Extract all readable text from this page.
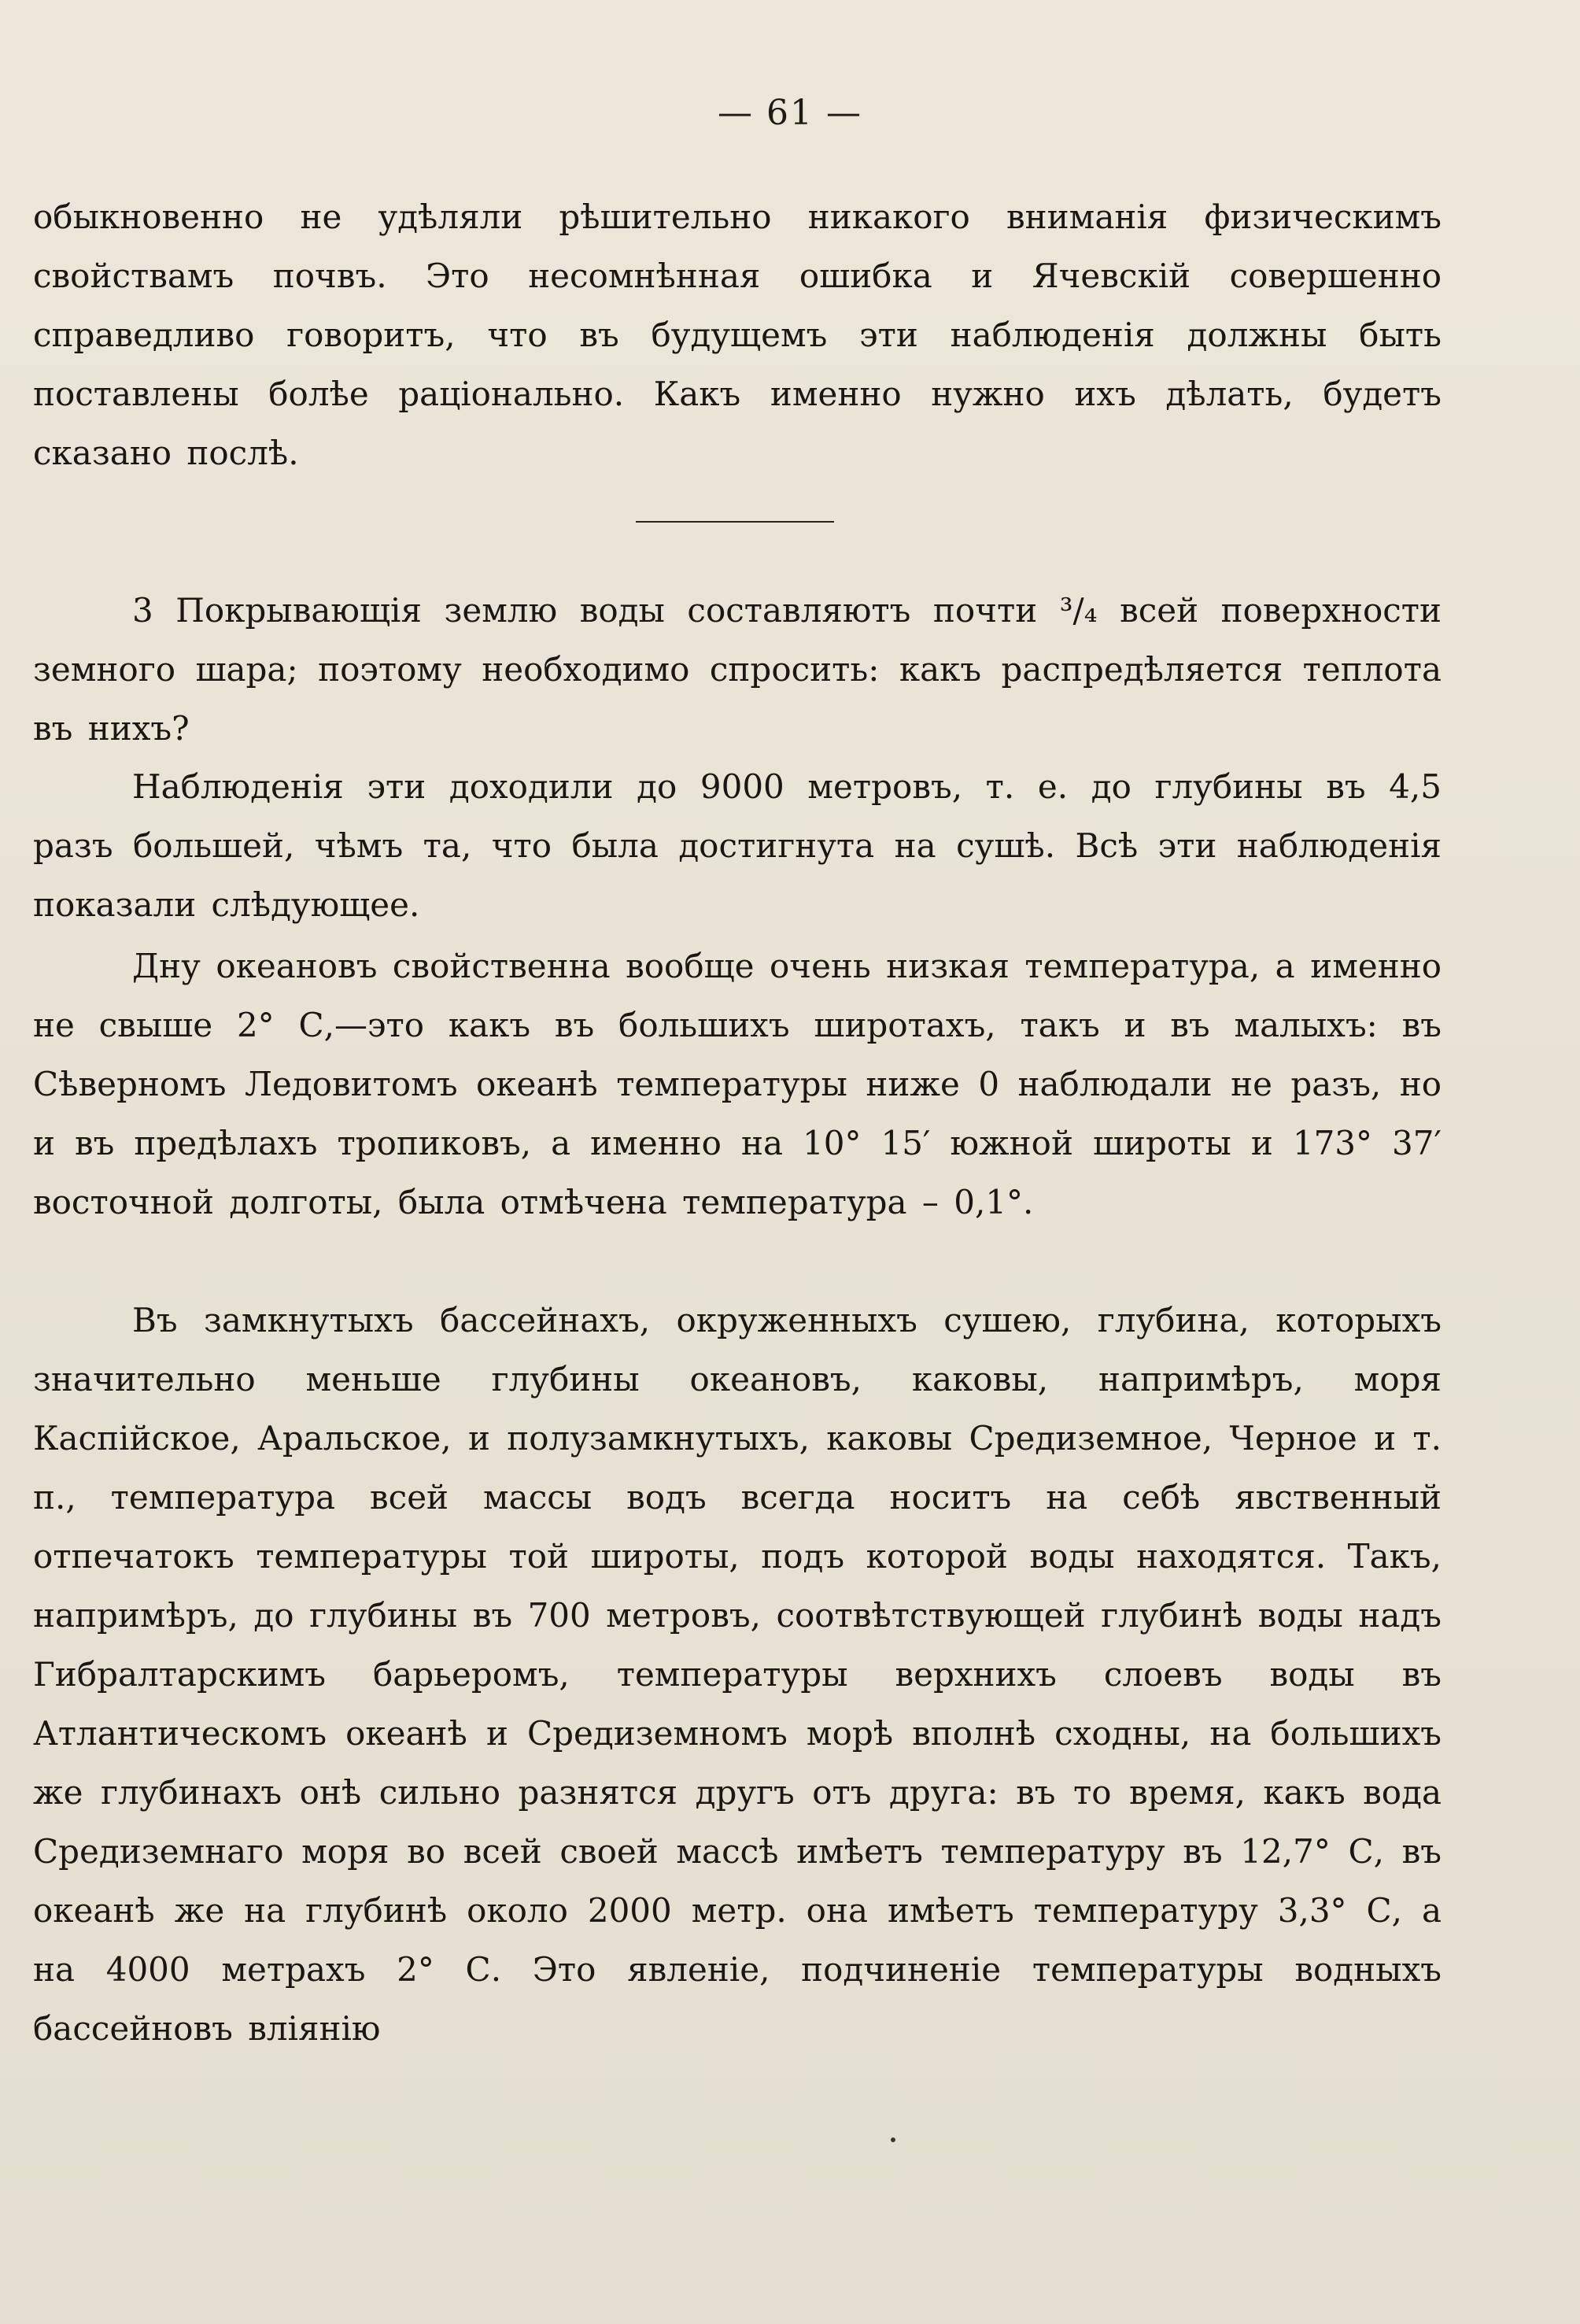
— 61 —

обыкновенно не удѣляли рѣшительно никакого вниманія физическимъ свойствамъ почвъ. Это несомнѣнная ошибка и Ячевскій совершенно справедливо говоритъ, что въ будущемъ эти наблюденія должны быть поставлены болѣе раціонально. Какъ именно нужно ихъ дѣлать, будетъ сказано послѣ.

3 Покрывающія землю воды составляютъ почти ³/₄ всей поверхности земного шара; поэтому необходимо спросить: какъ распредѣляется теплота въ нихъ?

Наблюденія эти доходили до 9000 метровъ, т. е. до глубины въ 4,5 разъ большей, чѣмъ та, что была достигнута на сушѣ. Всѣ эти наблюденія показали слѣдующее.

Дну океановъ свойственна вообще очень низкая температура, а именно не свыше 2° С,—это какъ въ большихъ широтахъ, такъ и въ малыхъ: въ Сѣверномъ Ледовитомъ океанѣ температуры ниже 0 наблюдали не разъ, но и въ предѣлахъ тропиковъ, а именно на 10° 15′ южной широты и 173° 37′ восточной долготы, была отмѣчена температура – 0,1°.

Въ замкнутыхъ бассейнахъ, окруженныхъ сушею, глубина, которыхъ значительно меньше глубины океановъ, каковы, напримѣръ, моря Каспійское, Аральское, и полузамкнутыхъ, каковы Средиземное, Черное и т. п., температура всей массы водъ всегда носитъ на себѣ явственный отпечатокъ температуры той широты, подъ которой воды находятся. Такъ, напримѣръ, до глубины въ 700 метровъ, соотвѣтствующей глубинѣ воды надъ Гибралтарскимъ барьеромъ, температуры верхнихъ слоевъ воды въ Атлантическомъ океанѣ и Средиземномъ морѣ вполнѣ сходны, на большихъ же глубинахъ онѣ сильно разнятся другъ отъ друга: въ то время, какъ вода Средиземнаго моря во всей своей массѣ имѣетъ температуру въ 12,7° С, въ океанѣ же на глубинѣ около 2000 метр. она имѣетъ температуру 3,3° С, а на 4000 метрахъ 2° С. Это явленіе, подчиненіе температуры водныхъ бассейновъ вліянію
